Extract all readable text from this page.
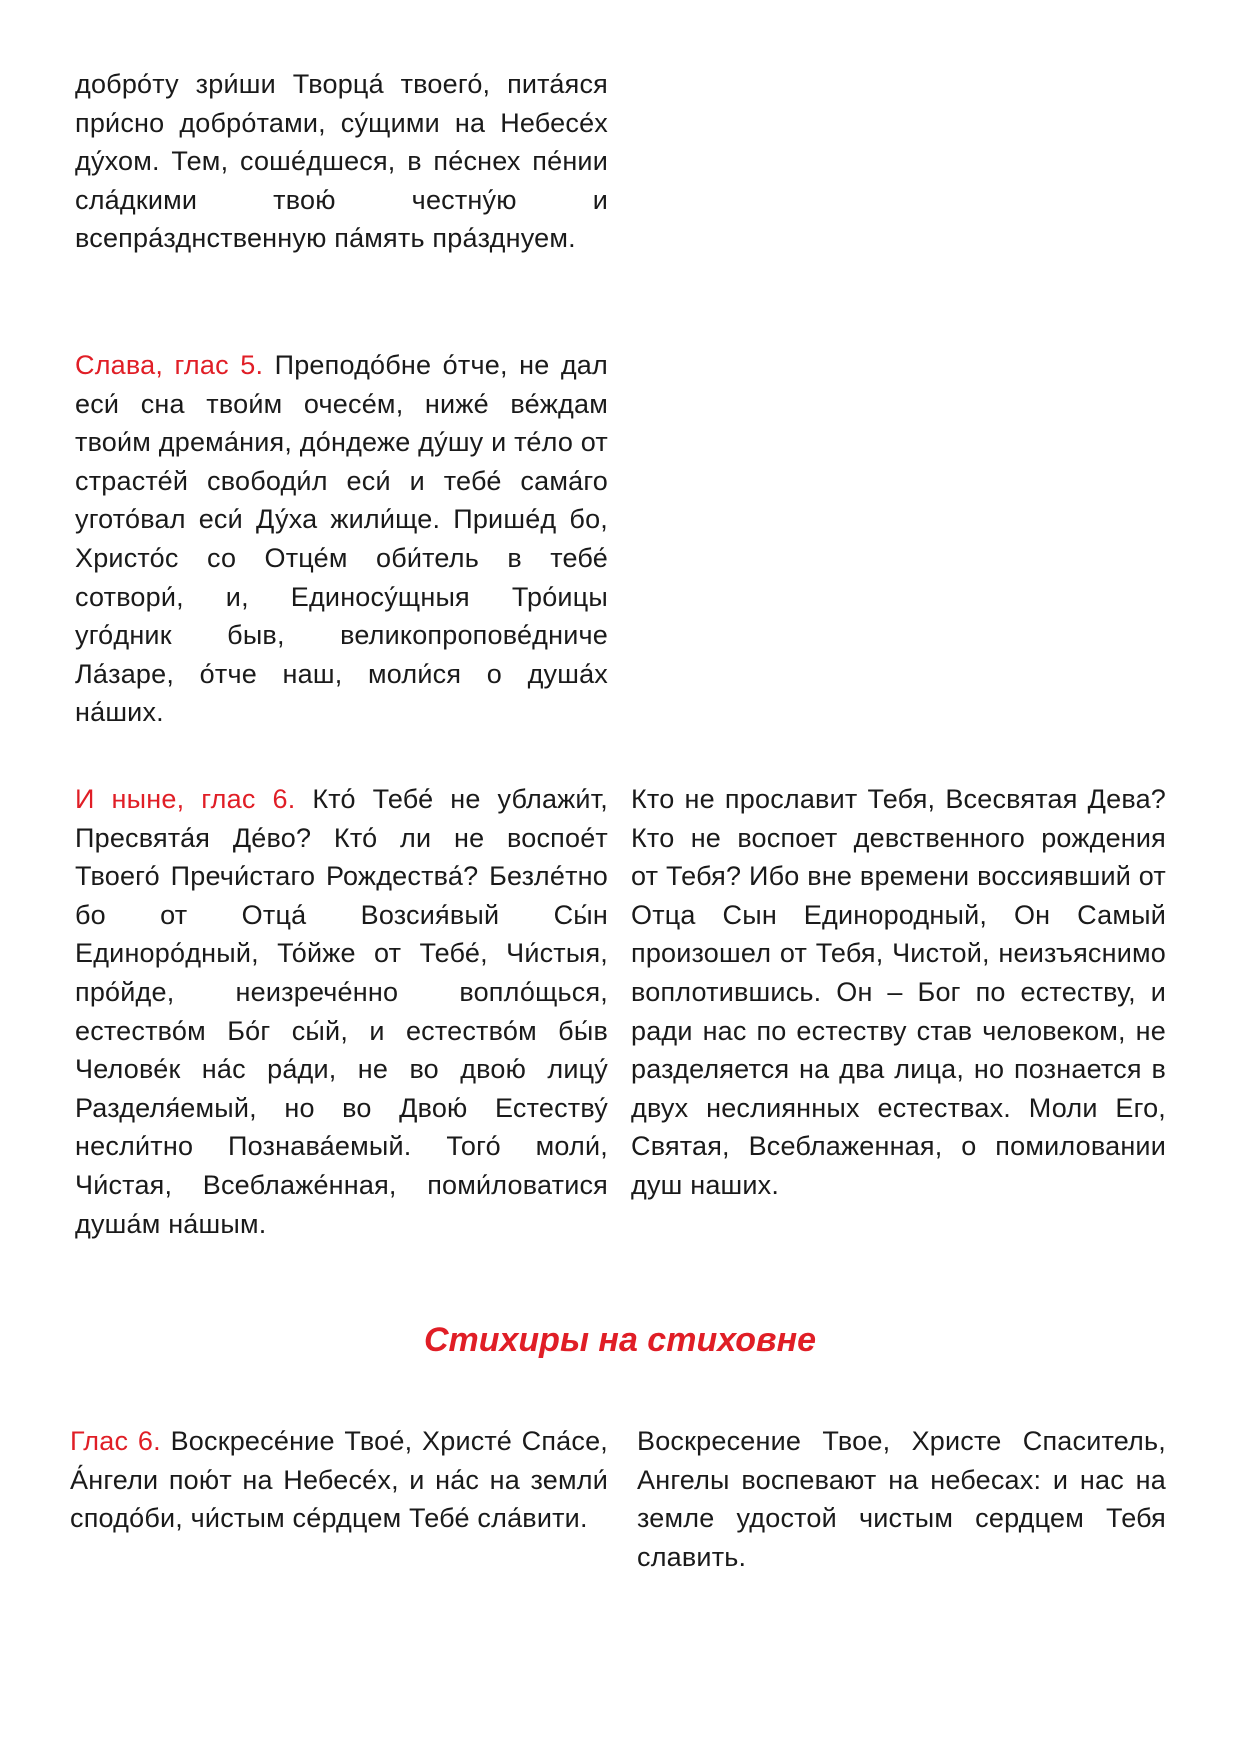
добро́ту зри́ши Творца́ твоего́, пита́яся при́сно добро́тами, су́щими на Небесе́х ду́хом. Тем, соше́дшеся, в пе́снех пе́нии сла́дкими твою́ честну́ю и всепра́зднственную па́мять пра́зднуем.
Слава, глас 5. Преподо́бне о́тче, не дал еси́ сна твои́м очесе́м, ниже́ ве́ждам твои́м дрема́ния, до́ндеже ду́шу и те́ло от страсте́й свободи́л еси́ и тебе́ сама́го угото́вал еси́ Ду́ха жили́ще. Прише́д бо, Христо́с со Отце́м оби́тель в тебе́ сотвори́, и, Единосу́щныя Тро́ицы уго́дник быв, великопропове́дниче Ла́заре, о́тче наш, моли́ся о душа́х на́ших.
И ныне, глас 6. Кто́ Тебе́ не ублажи́т, Пресвята́я Де́во? Кто́ ли не воспое́т Твоего́ Пречи́стаго Рождества́? Безле́тно бо от Отца́ Возсия́вый Сы́н Единоро́дный, То́йже от Тебе́, Чи́стыя, про́йде, неизрече́нно вопло́щься, естество́м Бо́г сы́й, и естество́м бы́в Челове́к на́с ра́ди, не во двою́ лицу́ Разделя́емый, но во Двою́ Естеству́ несли́тно Познава́емый. Того́ моли́, Чи́стая, Всеблаже́нная, поми́ловатися душа́м на́шым.
Кто не прославит Тебя, Всесвятая Дева? Кто не воспоет девственного рождения от Тебя? Ибо вне времени воссиявший от Отца Сын Единородный, Он Самый произошел от Тебя, Чистой, неизъяснимо воплотившись. Он – Бог по естеству, и ради нас по естеству став человеком, не разделяется на два лица, но познается в двух неслиянных естествах. Моли Его, Святая, Всеблаженная, о помиловании душ наших.
Стихиры на стиховне
Глас 6. Воскресе́ние Твое́, Христе́ Спа́се, А́нгели пою́т на Небесе́х, и на́с на земли́ сподо́би, чи́стым се́рдцем Тебе́ сла́вити.
Воскресение Твое, Христе Спаситель, Ангелы воспевают на небесах: и нас на земле удостой чистым сердцем Тебя славить.
